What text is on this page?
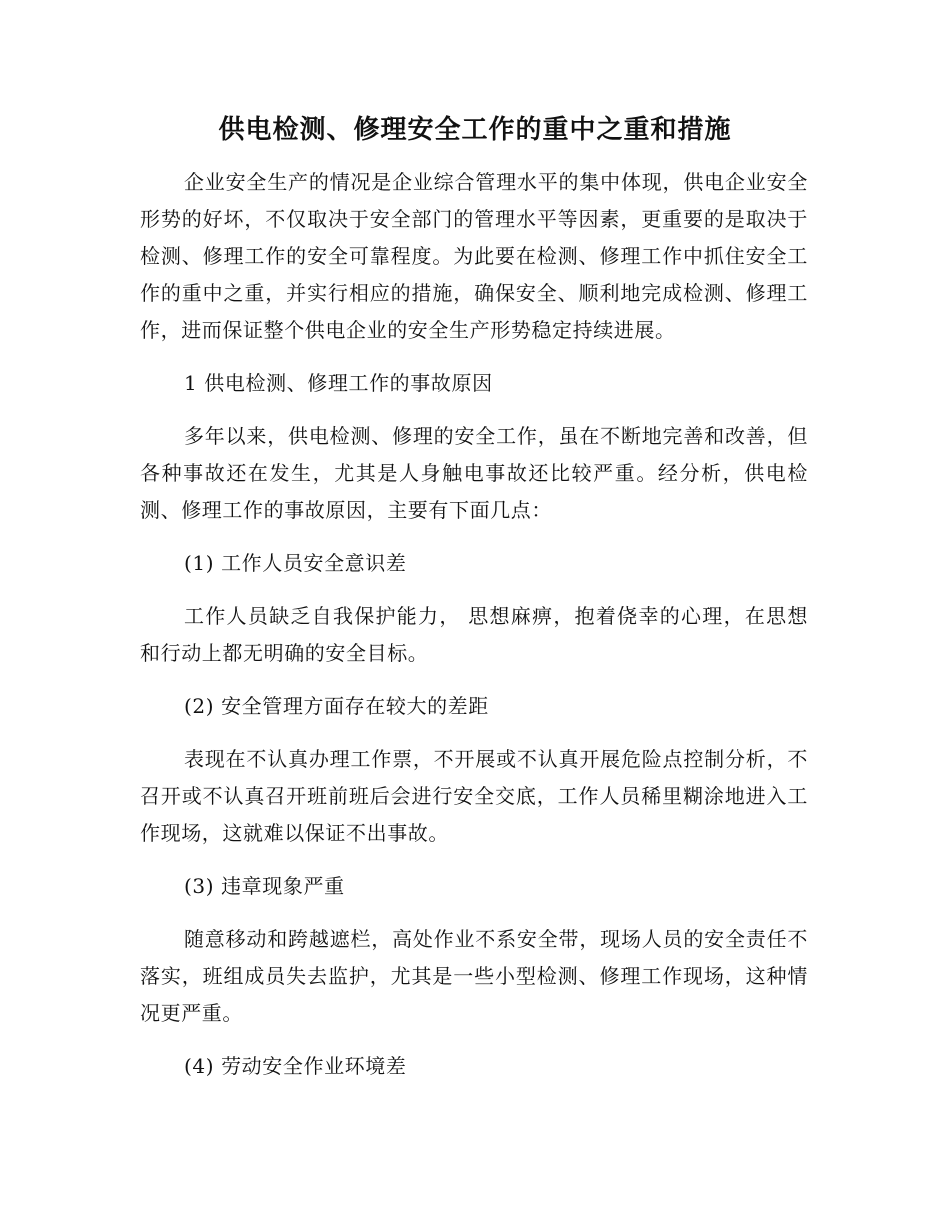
供电检测、修理安全工作的重中之重和措施

企业安全生产的情况是企业综合管理水平的集中体现，供电企业安全形势的好坏，不仅取决于安全部门的管理水平等因素，更重要的是取决于检测、修理工作的安全可靠程度。为此要在检测、修理工作中抓住安全工作的重中之重，并实行相应的措施，确保安全、顺利地完成检测、修理工作，进而保证整个供电企业的安全生产形势稳定持续进展。

1 供电检测、修理工作的事故原因

多年以来，供电检测、修理的安全工作，虽在不断地完善和改善，但各种事故还在发生，尤其是人身触电事故还比较严重。经分析，供电检测、修理工作的事故原因，主要有下面几点：

(1) 工作人员安全意识差

工作人员缺乏自我保护能力， 思想麻痹，抱着侥幸的心理，在思想和行动上都无明确的安全目标。

(2) 安全管理方面存在较大的差距

表现在不认真办理工作票，不开展或不认真开展危险点控制分析，不召开或不认真召开班前班后会进行安全交底，工作人员稀里糊涂地进入工作现场，这就难以保证不出事故。

(3) 违章现象严重

随意移动和跨越遮栏，高处作业不系安全带，现场人员的安全责任不落实，班组成员失去监护，尤其是一些小型检测、修理工作现场，这种情况更严重。

(4) 劳动安全作业环境差
